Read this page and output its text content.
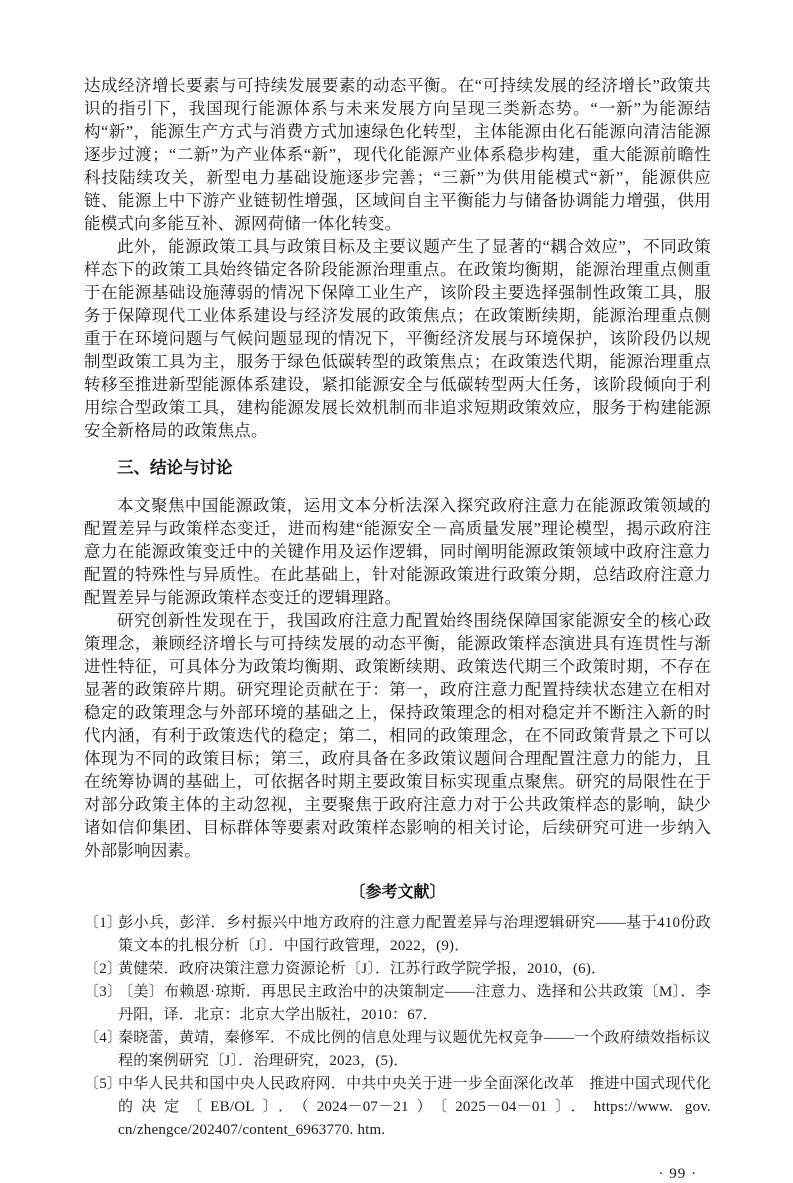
达成经济增长要素与可持续发展要素的动态平衡。在“可持续发展的经济增长”政策共识的指引下，我国现行能源体系与未来发展方向呈现三类新态势。“一新”为能源结构“新”，能源生产方式与消费方式加速绿色化转型，主体能源由化石能源向清洁能源逐步过渡；“二新”为产业体系“新”，现代化能源产业体系稳步构建，重大能源前瞻性科技陆续攻关，新型电力基础设施逐步完善；“三新”为供用能模式“新”，能源供应链、能源上中下游产业链韧性增强，区域间自主平衡能力与储备协调能力增强，供用能模式向多能互补、源网荷储一体化转变。

此外，能源政策工具与政策目标及主要议题产生了显著的“耦合效应”，不同政策样态下的政策工具始终锚定各阶段能源治理重点。在政策均衡期，能源治理重点侧重于在能源基础设施薄弱的情况下保障工业生产，该阶段主要选择强制性政策工具，服务于保障现代工业体系建设与经济发展的政策焦点；在政策断续期，能源治理重点侧重于在环境问题与气候问题显现的情况下，平衡经济发展与环境保护，该阶段仍以规制型政策工具为主，服务于绿色低碳转型的政策焦点；在政策迭代期，能源治理重点转移至推进新型能源体系建设，紧扣能源安全与低碳转型两大任务，该阶段倾向于利用综合型政策工具，建构能源发展长效机制而非追求短期政策效应，服务于构建能源安全新格局的政策焦点。

三、结论与讨论

本文聚焦中国能源政策，运用文本分析法深入探究政府注意力在能源政策领域的配置差异与政策样态变迁，进而构建“能源安全－高质量发展”理论模型，揭示政府注意力在能源政策变迁中的关键作用及运作逻辑，同时阐明能源政策领域中政府注意力配置的特殊性与异质性。在此基础上，针对能源政策进行政策分期，总结政府注意力配置差异与能源政策样态变迁的逻辑理路。

研究创新性发现在于，我国政府注意力配置始终围绕保障国家能源安全的核心政策理念，兼顾经济增长与可持续发展的动态平衡，能源政策样态演进具有连贯性与渐进性特征，可具体分为政策均衡期、政策断续期、政策迭代期三个政策时期，不存在显著的政策碎片期。研究理论贡献在于：第一，政府注意力配置持续状态建立在相对稳定的政策理念与外部环境的基础之上，保持政策理念的相对稳定并不断注入新的时代内涵，有利于政策迭代的稳定；第二，相同的政策理念，在不同政策背景之下可以体现为不同的政策目标；第三，政府具备在多政策议题间合理配置注意力的能力，且在统筹协调的基础上，可依据各时期主要政策目标实现重点聚焦。研究的局限性在于对部分政策主体的主动忽视，主要聚焦于政府注意力对于公共政策样态的影响，缺少诸如信仰集团、目标群体等要素对政策样态影响的相关讨论，后续研究可进一步纳入外部影响因素。

〔参考文献〕
〔1〕彭小兵，彭洋．乡村振兴中地方政府的注意力配置差异与治理逻辑研究——基于410份政策文本的扎根分析〔J〕．中国行政管理，2022，(9)．
〔2〕黄健荣．政府决策注意力资源论析〔J〕．江苏行政学院学报，2010，(6)．
〔3〕〔美〕布赖恩·琼斯．再思民主政治中的决策制定——注意力、选择和公共政策〔M〕．李丹阳，译．北京：北京大学出版社，2010：67．
〔4〕秦晓蕾，黄靖，秦修军．不成比例的信息处理与议题优先权竞争——一个政府绩效指标议程的案例研究〔J〕．治理研究，2023，(5)．
〔5〕中华人民共和国中央人民政府网．中共中央关于进一步全面深化改革　推进中国式现代化的决定〔EB/OL〕．（2024－07－21）〔2025－04－01〕．https://www. gov. cn/zhengce/202407/content_6963770. htm.
· 99 ·
